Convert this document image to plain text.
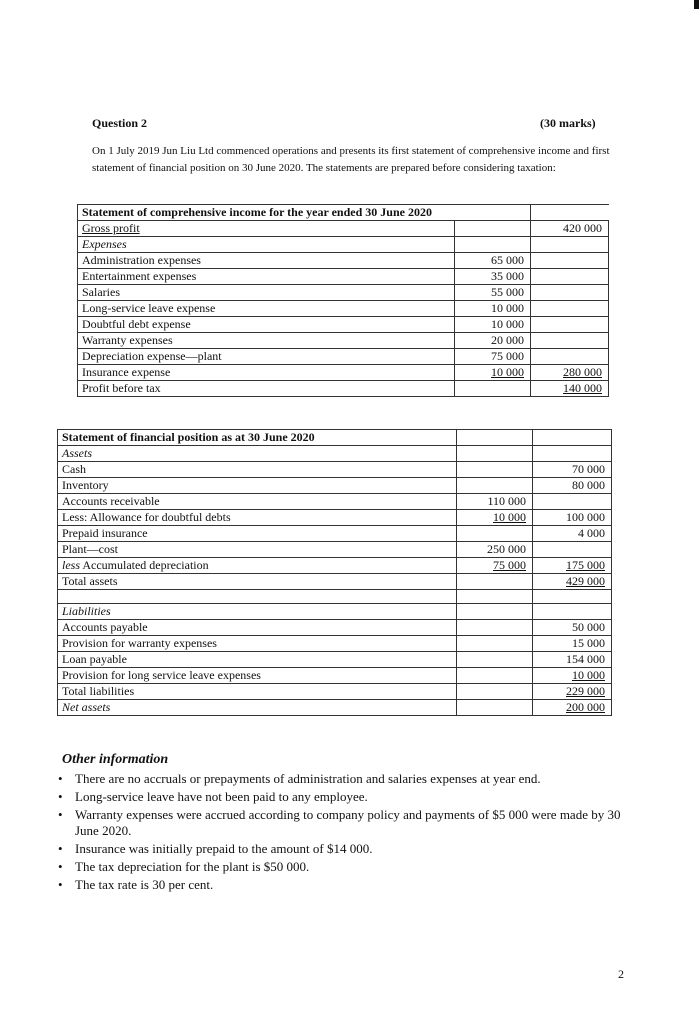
Question 2	(30 marks)

On 1 July 2019 Jun Liu Ltd commenced operations and presents its first statement of comprehensive income and first statement of financial position on 30 June 2020. The statements are prepared before considering taxation:

Statement of comprehensive income for the year ended 30 June 2020		
Gross profit		420 000
Expenses		
Administration expenses	65 000	
Entertainment expenses	35 000	
Salaries	55 000	
Long-service leave expense	10 000	
Doubtful debt expense	10 000	
Warranty expenses	20 000	
Depreciation expense—plant	75 000	
Insurance expense	10 000	280 000
Profit before tax		140 000
Statement of financial position as at 30 June 2020		
Assets		
Cash		70 000
Inventory		80 000
Accounts receivable	110 000	
Less: Allowance for doubtful debts	10 000	100 000
Prepaid insurance		4 000
Plant—cost	250 000	
less Accumulated depreciation	75 000	175 000
Total assets		429 000

Liabilities		
Accounts payable		50 000
Provision for warranty expenses		15 000
Loan payable		154 000
Provision for long service leave expenses		10 000
Total liabilities		229 000
Net assets		200 000
Other information
• There are no accruals or prepayments of administration and salaries expenses at year end.
• Long-service leave have not been paid to any employee.
• Warranty expenses were accrued according to company policy and payments of $5 000 were made by 30 June 2020.
• Insurance was initially prepaid to the amount of $14 000.
• The tax depreciation for the plant is $50 000.
• The tax rate is 30 per cent.
2
